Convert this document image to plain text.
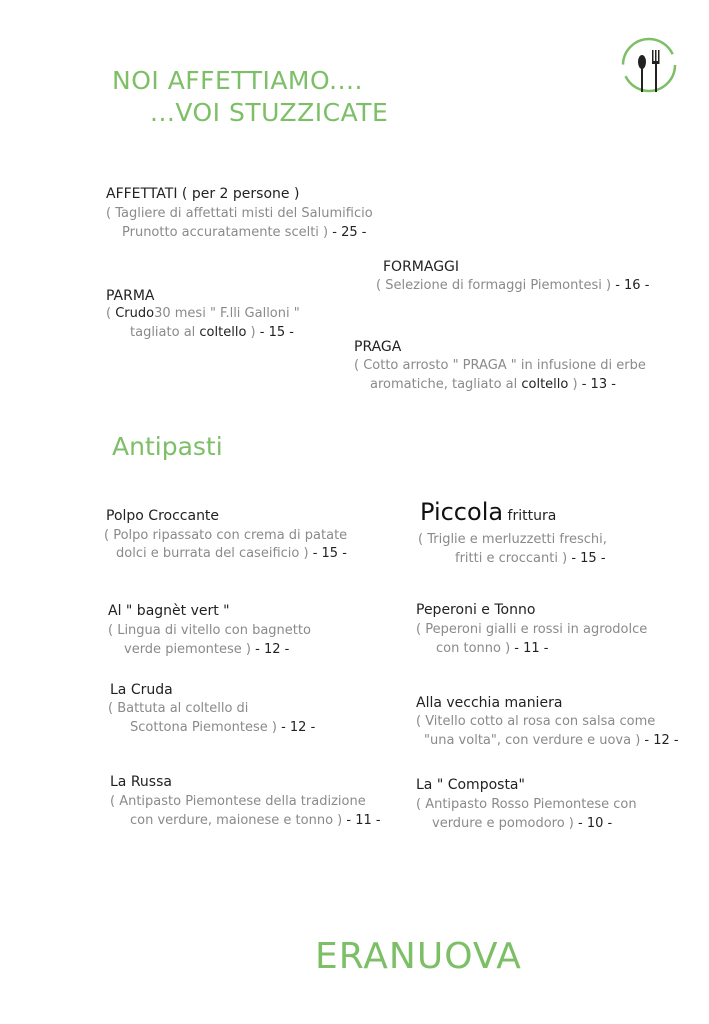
NOI AFFETTIAMO....
...VOI STUZZICATE
AFFETTATI ( per 2 persone )
( Tagliere di affettati misti del Salumificio
Prunotto accuratamente scelti ) - 25 -
FORMAGGI
( Selezione di formaggi Piemontesi ) - 16 -
PARMA
( Crudo30 mesi " F.lli Galloni "
tagliato al coltello ) - 15 -
PRAGA
( Cotto arrosto " PRAGA " in infusione di erbe
aromatiche, tagliato al coltello ) - 13 -
Antipasti
Polpo Croccante
( Polpo ripassato con crema di patate
dolci e burrata del caseificio ) - 15 -
Al " bagnèt vert "
( Lingua di vitello con bagnetto
verde piemontese ) - 12 -
La Cruda
( Battuta al coltello di
Scottona Piemontese ) - 12 -
La Russa
( Antipasto Piemontese della tradizione
con verdure, maionese e tonno ) - 11 -
Piccola frittura
( Triglie e merluzzetti freschi,
fritti e croccanti ) - 15 -
Peperoni e Tonno
( Peperoni gialli e rossi in agrodolce
con tonno ) - 11 -
Alla vecchia maniera
( Vitello cotto al rosa con salsa come
"una volta", con verdure e uova ) - 12 -
La " Composta"
( Antipasto Rosso Piemontese con
verdure e pomodoro ) - 10 -
ERANUOVA
